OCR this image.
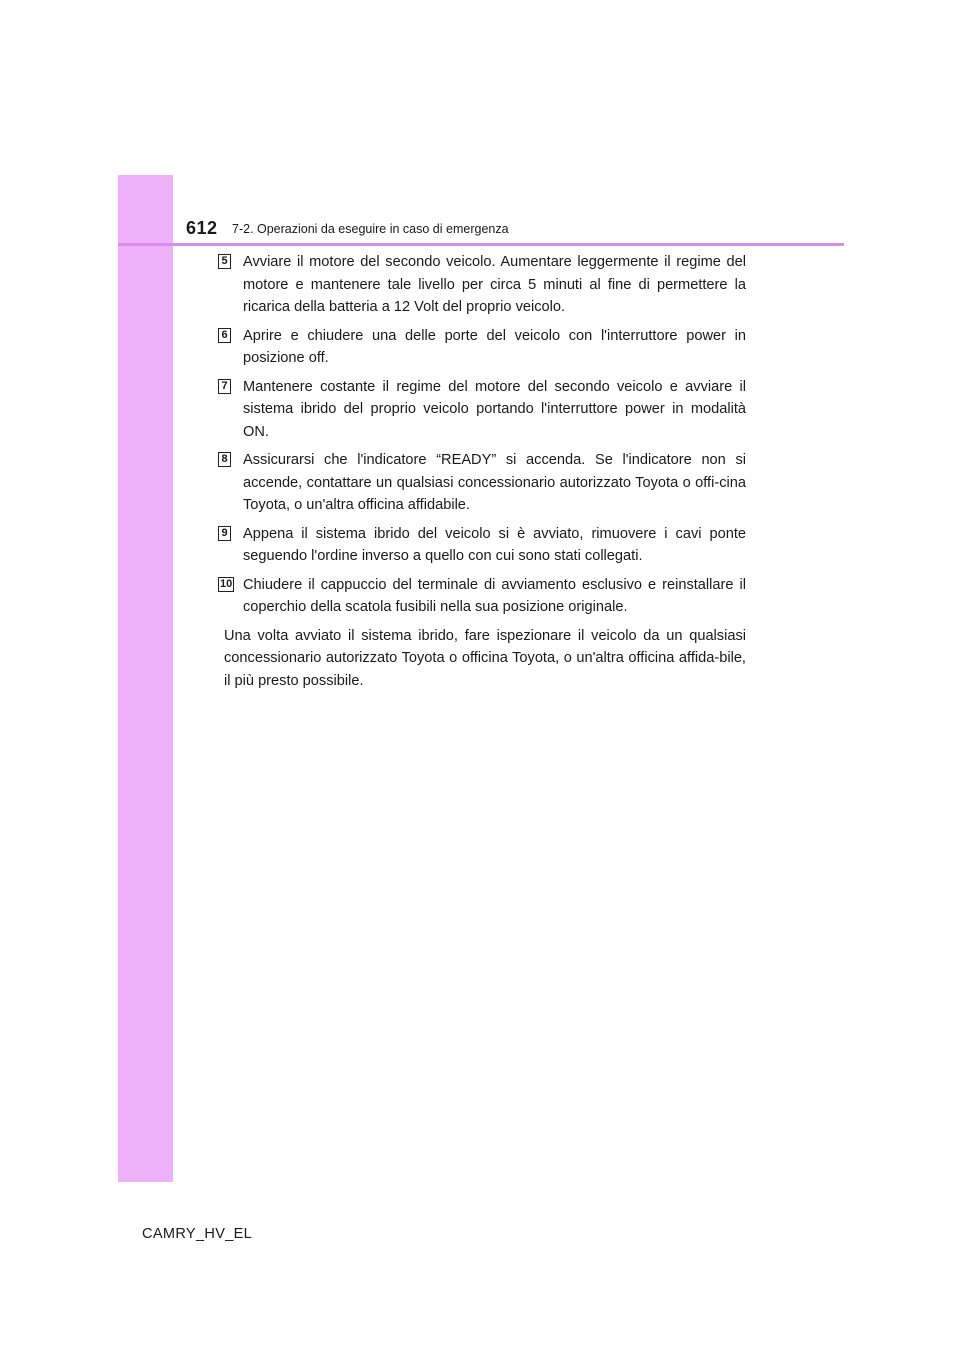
612 7-2. Operazioni da eseguire in caso di emergenza
5 Avviare il motore del secondo veicolo. Aumentare leggermente il regime del motore e mantenere tale livello per circa 5 minuti al fine di permettere la ricarica della batteria a 12 Volt del proprio veicolo.
6 Aprire e chiudere una delle porte del veicolo con l'interruttore power in posizione off.
7 Mantenere costante il regime del motore del secondo veicolo e avviare il sistema ibrido del proprio veicolo portando l'interruttore power in modalità ON.
8 Assicurarsi che l'indicatore “READY” si accenda. Se l'indicatore non si accende, contattare un qualsiasi concessionario autorizzato Toyota o offi-cina Toyota, o un'altra officina affidabile.
9 Appena il sistema ibrido del veicolo si è avviato, rimuovere i cavi ponte seguendo l'ordine inverso a quello con cui sono stati collegati.
10 Chiudere il cappuccio del terminale di avviamento esclusivo e reinstallare il coperchio della scatola fusibili nella sua posizione originale.
Una volta avviato il sistema ibrido, fare ispezionare il veicolo da un qualsiasi concessionario autorizzato Toyota o officina Toyota, o un'altra officina affida-bile, il più presto possibile.
CAMRY_HV_EL
